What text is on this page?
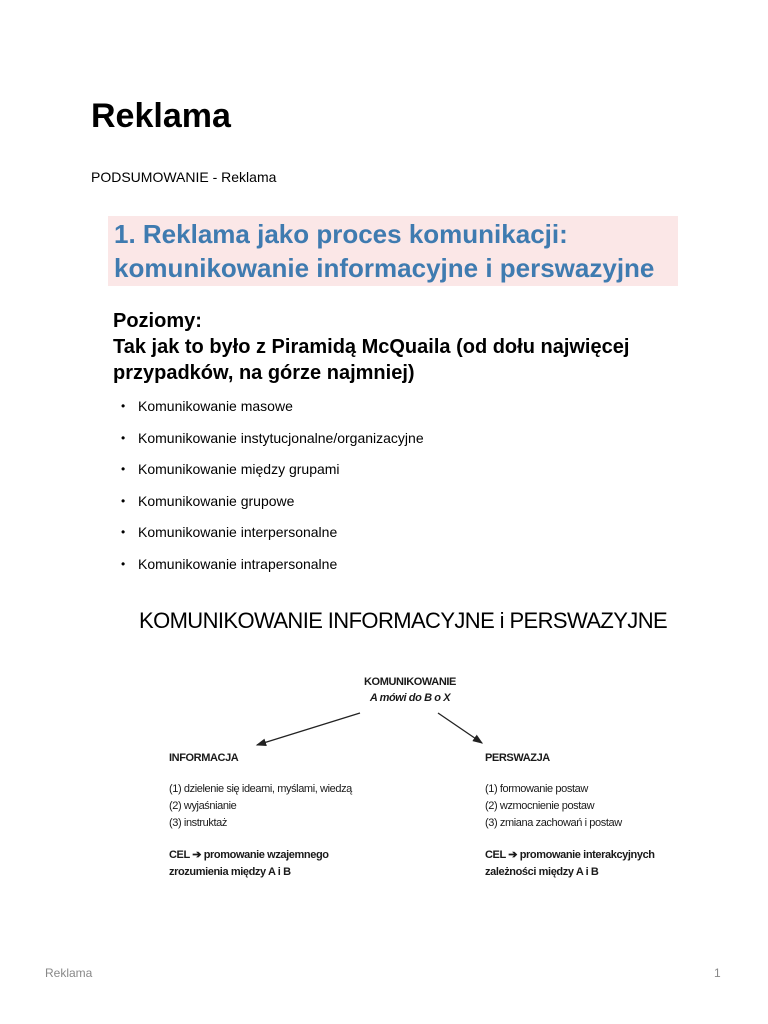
Reklama
PODSUMOWANIE - Reklama
1. Reklama jako proces komunikacji:
komunikowanie informacyjne i perswazyjne
Poziomy:
Tak jak to było z Piramidą McQuaila (od dołu najwięcej
przypadków, na górze najmniej)
• Komunikowanie masowe
• Komunikowanie instytucjonalne/organizacyjne
• Komunikowanie między grupami
• Komunikowanie grupowe
• Komunikowanie interpersonalne
• Komunikowanie intrapersonalne
KOMUNIKOWANIE INFORMACYJNE i PERSWAZYJNE
KOMUNIKOWANIE
A mówi do B o X
INFORMACJA
(1) dzielenie się ideami, myślami, wiedzą
(2) wyjaśnianie
(3) instruktaż
CEL ➔ promowanie wzajemnego
zrozumienia między A i B
PERSWAZJA
(1) formowanie postaw
(2) wzmocnienie postaw
(3) zmiana zachowań i postaw
CEL ➔ promowanie interakcyjnych
zależności między A i B
Reklama	1
